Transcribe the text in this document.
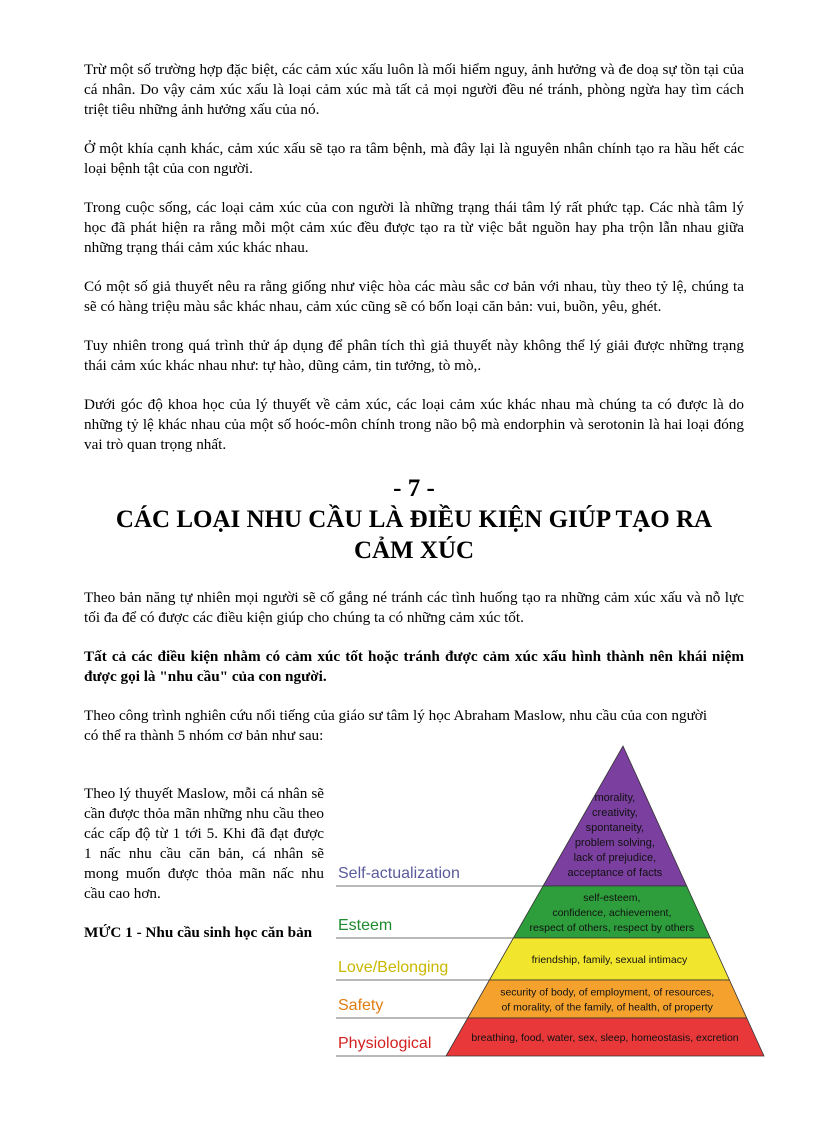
Trừ một số trường hợp đặc biệt, các cảm xúc xấu luôn là mối hiểm nguy, ảnh hưởng và đe doạ sự tồn tại của cá nhân. Do vậy cảm xúc xấu là loại cảm xúc mà tất cả mọi người đều né tránh, phòng ngừa hay tìm cách triệt tiêu những ảnh hưởng xấu của nó.

Ở một khía cạnh khác, cảm xúc xấu sẽ tạo ra tâm bệnh, mà đây lại là nguyên nhân chính tạo ra hầu hết các loại bệnh tật của con người.

Trong cuộc sống, các loại cảm xúc của con người là những trạng thái tâm lý rất phức tạp. Các nhà tâm lý học đã phát hiện ra rằng mỗi một cảm xúc đều được tạo ra từ việc bắt nguồn hay pha trộn lẫn nhau giữa những trạng thái cảm xúc khác nhau.

Có một số giả thuyết nêu ra rằng giống như việc hòa các màu sắc cơ bản với nhau, tùy theo tỷ lệ, chúng ta sẽ có hàng triệu màu sắc khác nhau, cảm xúc cũng sẽ có bốn loại căn bản: vui, buồn, yêu, ghét.

Tuy nhiên trong quá trình thử áp dụng để phân tích thì giả thuyết này không thể lý giải được những trạng thái cảm xúc khác nhau như: tự hào, dũng cảm, tin tưởng, tò mò,.

Dưới góc độ khoa học của lý thuyết về cảm xúc, các loại cảm xúc khác nhau mà chúng ta có được là do những tỷ lệ khác nhau của một số hoóc-môn chính trong não bộ mà endorphin và serotonin là hai loại đóng vai trò quan trọng nhất.

- 7 -
CÁC LOẠI NHU CẦU LÀ ĐIỀU KIỆN GIÚP TẠO RA CẢM XÚC

Theo bản năng tự nhiên mọi người sẽ cố gắng né tránh các tình huống tạo ra những cảm xúc xấu và nỗ lực tối đa để có được các điều kiện giúp cho chúng ta có những cảm xúc tốt.

Tất cả các điều kiện nhằm có cảm xúc tốt hoặc tránh được cảm xúc xấu hình thành nên khái niệm được gọi là "nhu cầu" của con người.

Theo công trình nghiên cứu nổi tiếng của giáo sư tâm lý học Abraham Maslow, nhu cầu của con người

có thể ra thành 5 nhóm cơ bản như sau:

Theo lý thuyết Maslow, mỗi cá nhân sẽ cần được thỏa mãn những nhu cầu theo các cấp độ từ 1 tới 5. Khi đã đạt được 1 nấc nhu cầu căn bản, cá nhân sẽ mong muốn được thỏa mãn nấc nhu cầu cao hơn.

MỨC 1 - Nhu cầu sinh học căn bản

Self-actualization
morality,
creativity,
spontaneity,
problem solving,
lack of prejudice,
acceptance of facts
Esteem
self-esteem,
confidence, achievement,
respect of others, respect by others
Love/Belonging	friendship, family, sexual intimacy
Safety
security of body, of employment, of resources,
of morality, of the family, of health, of property
Physiological	breathing, food, water, sex, sleep, homeostasis, excretion
